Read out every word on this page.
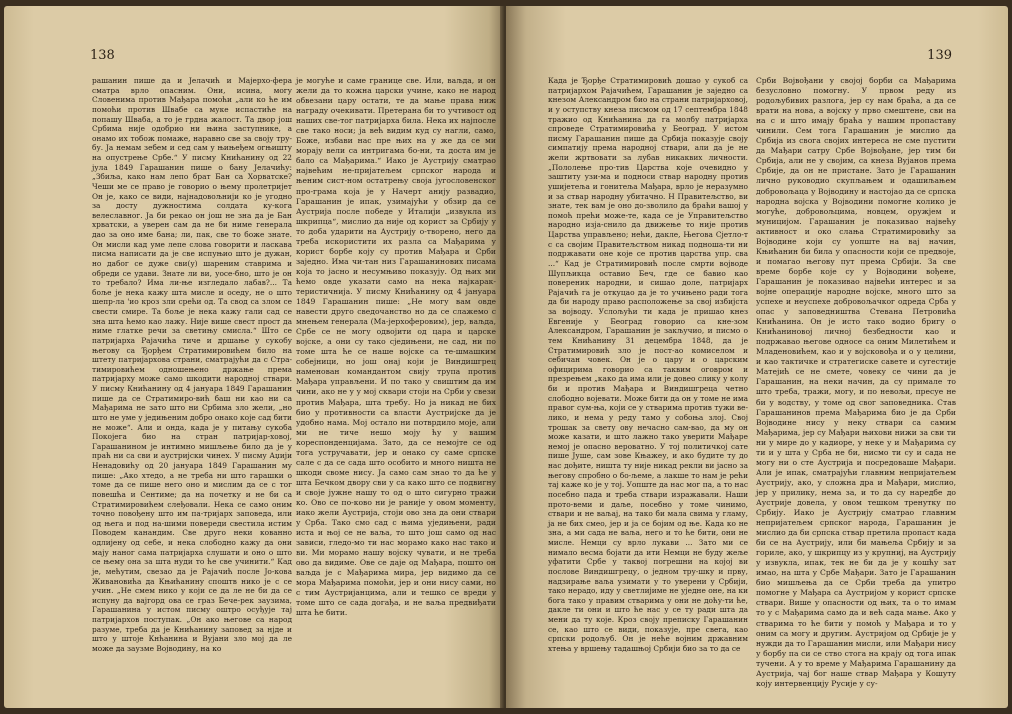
138

рашанин пише да и Јелачић и Мајерхо-фера сматра врло опасним. Они, исина, могу Словенима против Мађара помоћи „али ко ће им помоћи против Швабе са муке испастиће на попашу Шваба, а то је грдна жалост. Та двор још Србима није одобрио ни њина заступнике, а онамо их тобож помаже, наравно све за своју тру-бу. Ја немам зебем и сед сам у њињеђем огњишту на опустрење Србе.“ У писму Книћанину од 22 јула 1849 Гарашанин пише о бану Јелачићу: „Збиља, како нам лепо брат Бан са Хорватске? Чеши ме се право је говорио о њему пролетријет Он је, како се види, најнадовољнији ко је угодно за досту дужностима солдата ку-кога велеславног. Ја би рекао он још не зна да је Бан хрватски, а уверен сам да не би ниме генерала дао за оно име бана; ли, пак, све то боже знате. Он мисли кад уме лепе слова говорити и ласкава писма написати да је све испуњио што је дужан, но дабог се дуже сви(у) шареним ставрима и обреди се удави. Знате ли ви, уосе-бно, што је он то требало? Има ли-ње изгледало лабав?... Та боље је нека кажу шта мисле и оседу, не о што шепр-ла 'ио кроз зли срећи од. Та свод са злом се свести смире. Та боље је нека кажу гали сад се зна шта ћемо као лажу. Није више свест прост да ниме глатке речи за светињу смисла.“ Што се патријарха Рајачића тиче и дршање у сукобу његову са Ђорђем Стратимировићем било на штету патријархова страни, сматрајући да с Стра-тимировићем одношењено држање према патријарху може само шкодити народној ствари. У писму Книћанину од 4 јануара 1849 Гарашанин пише да се Стратимиро-вић баш ни као ни са Мађарима не зато што ни Србима зло жели, „но што не уме у једињеним добро онако које сад бити не може“. Али и онда, када је у питању сукоба Покојега био на стран патријар-ховој, Гарашанином је интимно мишљење било да је у праћ ни са сви и аустријски чинех. У писму Аџији Ненадовићу од 20 јануара 1849 Гарашанин му пише: „Ако хтедо, а не треба ни што гарашки о томе да се пише него оно и мислим да се с тог повешћа и Сентиме; да на почетку и не би са Стратимировићем слеђовали. Нека се само оним точно повођену што им па-тријарх заповеда, или од њега и под на-шими повереди свестила истим Поводем канандим. Све друго неки кованно одлијену од себе, и нека слободно кажу да они мају наног сама патријарха слушати и оно о што се њему она за шта нуди то ће све учинити.“ Кад је, мећутим, свезао да је Рајачић после Јо-кова Живановића да Књићанину споштв нико је с се учин. „Не смем нико у који се да ле не би да се испуну да вајгорд ова се граз Бече-рек заузима, Гарашанина у истом писму оштро осуђује тај патријархов поступак. „Он ако његове са народ разуме, треба да је Книћанину заповед за нјде и што у штоје Кнћанина и Вујани зло мој да ле може да заузме Војводину, на ко

је могуће и саме границе све. Или, ваљда, и он жели да то кожна царски учине, како не народ обвезани цару остати, те да мање права ниж награду очекивати. Претерана би то учтивост од наших све-тог патријарха била. Нека их најпосле све тако носи; ја већ видим куд су нагли, само, Боже, избави нас пре њих на у же да се ми морају вели са интригама бо-ни, та доста им је бало са Мађарима.“ Иако је Аустрију сматрао највећим не-пријатељем српског народа и њеним сист-ном остатрењу своја југословенског про-грама која је у Начерт анију развадио, Гарашанин је ипак, узимајући у обзир да се Аустрија после победе у Италији „извукла из шкрипца“, мислио да није од корист за Србију у то доба ударити на Аустрију о-творено, него да треба искористити их разла са Мађарима у корист борбе коју су против Мађара и Срби заједно. Има чи-тан низ Гарашанинових писама која то јасно и несумњиво показују. Од њих ми ћемо овде указати само на нека најкарак-теристичнија. У писму Книћанину од 4 јануара 1849 Гарашанин пише: „Не могу вам овде навести друго сведочанство но да се слажемо с мнењем генерала (Ма-јерхоферовим), јер, ваљда, Србе се не могу одвојити од цара и царске војске, а они су тако сједињени, не сад, ни по томе шта ће се наше војске са те-шмашким собејници, но још онај који је Виндишгрец наменован командантом свију трупа против Мађара управљени. И по тако у свиштим да им чини, ако не у у мој сквари стоји на Срби у свези против Мађара, шта требу. Но ја никад не бих био у противности са власти Аустријске да је удобно нама. Мој остало ни потврдило моје, али ми не тиче нешо моју ћу у вашим кореспонденцијама. Зато, да се немојте се од тога устручавати, јер и онако су саме српске сале с да се сада што особито и много ништа не шкоди своме нису. Ја само сам знао то да ће у шта Бечком двору сви у са како што се подвигну и своје јужне нашу то од о што сигурно тражи ко. Ово се по-ково ни је раније у овом моменту, иако жели Аустрија, стоји ово зна да они ствари у Срба. Тако смо сад с њима уједињени, ради иста и њој се не ваља, то што још само од нас зависи, гледо-мо ти нас морамо како нас тако и ви. Ми морамо нашу војску чувати, и не треба ово да видиме. Ове се даје од Мађара, пошто он ваљда је с Мађарима мира, јер видимо да се мора Мађарима помоћи, јер и они нису сами, но с тим Аустријанцима, али и тешко се вреди у томе што се сада догађа, и не ваља предвиђати шта ће бити.

139

Када је Ђорђе Стратимировић дошао у сукоб са патријархом Рајачићем, Гарашанин је заједно са кнезом Александром био на страни патријарховој, и у оступству кнеза писмом од 17 септембра 1848 тражио од Книћанина да га молбу патријарха спроведе Стратимировића у Београд. У истом писму Гарашанин пише да Србија показује своју симпатију према народној ствари, али да је не жели жртвовати за лубав никаквих личности. „Пололење про-тив Царства које очевидно у заштиту узи-ма и подноси ствар народну против ушијетеља и гонитеља Мађара, врло је неразумно и за ствар народну убитачно. Н Правитељство, ви знате, тек вам је оно до-зволило да браћи вашој у помоћ прећи може-те, када се је Управитељство народно изја-снило да движење то није против Царства управљено; нећи, дакле, Његова Сјетло-т с са својим Правитељством никад подноша-ти ни подржавати оне које се против царства упр. сва ...“ Кад је Стратимировић после смрти војводе Шупљикца оставио Беч, где се бавио као повереник народни, и сишао доле, патријарх Рајачић га је откуцао да је то учињено ради тога да би народу право расположење за свој избијста за војводу. Услољући ти када је пришао кнез Евгеније у Београд говорио са кне-зом Александром, Гарашанин је закључио, и писмо о тем Книћанину 31 децембра 1848, да је Стратимировић зло је пост-ао комиселом и себичан човек. Он је о цару и о царским официрима говорио са таквим оговром и презрењем „како да има или је довео слику у колу би и против Мађара и Виндишгреца четно слободно војевати. Може бити да он у томе не има правог сум-ња, који се у стварима против тужи ве-лико, и нема у реду тамо у собоња злој. Свој трошак за свету ову нечасно сам-вао, да му он може казати, и што лажно тако уверити Мађаре немој је опасно вероватно. У тој политичкој сате пише Јуше, сам зове Књажеу, и ако будите ту до нас дођите, ништа ту није никад рекли ви јасно за његову спробно о бо-љеме, а лакше то нам је рећи тај каже ко је у тој. Уопште да нас мог па, а то нас посебно пада и треба ствари изражавали. Наши прото-веми и даље, посебно у томе чинимо, ствари и не ваљај, на тако би мала свима у гламу, ја не бих смео, јер и ја се бојим од ње. Када ко не зна, а ми сада не ваља, него и то ће бити, они не мисле. Немци су врло лукави ... Зато ми се нимало весма бојати да ити Немци не буду жеље уфатити Србе у таквој погрешни на којој ви послове Виндишгрецу, о једном тру-шку и прву, надзирање ваља узимати у то уверени у Србији, тако нерадо, иду у светлијиме не уједне оне, на ки бога тако у правим стварима у они не доћу-ти ће, дакле ти они и што ће нас у се ту ради шта да мени да ту које. Кроз своју преписку Гарашанин се, као што се види, показује, пре свега, као српски родољуб. Он је неће војним државним хтења у вршењу тадашњој Србији био за то да се

Срби Војвођани у својој борби са Мађарима безусловно помогну. У првом реду из родољубивих разлога, јер су нам браћа, а да се врати на нова, а војску у прво смештене, сви на на с и што имају браћа у нашим пропаставу чинили. Сем тога Гарашанин је мислио да Србија из свога својих интереса не сме пустити да Мађари сатру Србе Војвођане, јер тим би Србија, али не у својим, са кнеза Вујанов према Србије, да он не пристане. Зато је Гарашанин лично руководио скупљањем и одашиљањем добровољаца у Војводину и настојао да се српска народна војска у Војводини помогне колико је могуће, добровољцима, новцем, оружјем и муницијом. Гарашанин је показивао највећу активност и око слања Стратимировићу за Војводине који су уопште на вај начин, Књићанин би била у опасности који се предвоје, и помагао његову пут према Србији. За све време борбе које су у Војводини вођене, Гарашанин је показивао највећи интерес и за војне операције народне војске, много што за успехе и неуспехе добровољачког одреда Срба у опас у заповедништва Стевана Петровића Книћанина. Он је исто тако водио бригу о Книћаниновој личној безбедности као и подржавао његове односе са оним Милетићем и Младеновићем, као и у војсковођа и о у целини, и као тактичке и стратегиске савете и сугестије Матејић се не смете, човеку се чини да је Гарашанин, на неки начин, да су примале то што треба, тражи, могу, и по невољи, пресуе не би у водству, у томе од свог заповедника. Став Гарашанинов према Мађарима био је да Срби Војводине нису у неку ствари са самим Мађарима, јер су Мађари њихови нижи за сви ти ни у мире до у кадиоре, у неке у и Мађарима су ти и у шта у Срба не би, нисмо ти су и сада не могу ни о сте Аустрија и посредоваше Мађари. Али је ипак, сматрајући главним непријатељем Аустрију, ако, у сложна дра и Мађари, мислио, јер у прилику, нема за, и то да су наредбе до Аустрије довела, у овом тешком тренутку по Србију. Иако је Аустрију сматрао главним непријатељем српског народа, Гарашанин је мислио да би српска ствар претила пропаст када би се на Аустрију, или би мањеља Србију и за гориле, ако, у шкрипцу из у крупниј, на Аустрију у извукла, ипак, тек не би да је у кошћу зат имао, на шта у Србе Мађари. Зато је Гарашанин био мишљења да се Срби треба да упитро помогне у Мађара са Аустријом у корист српске ствари. Више у опасности од њих, та о то имам то у с Мађарима само да и већ сада мање. Ако у стварима то ће бити у помоћ у Мађара и то у оним са могу и другим. Аустријом од Србије је у нужди да то Гарашанин мисли, или Мађари нису у борбу па си се ство стога на крају од тога ипак тучени. А у то време у Мађарима Гарашанину да Аустрија, чај бог наше ствар Мађара у Кошуту коју интервенцију Русије у су-
